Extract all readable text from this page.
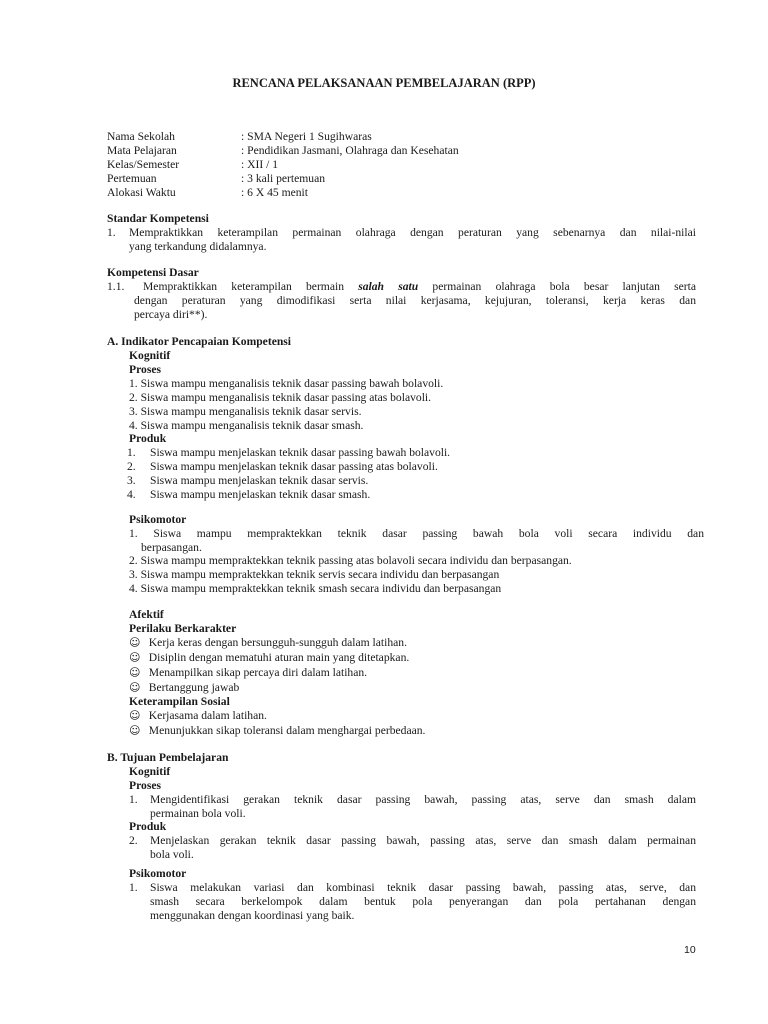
RENCANA PELAKSANAAN PEMBELAJARAN (RPP)
Nama Sekolah	: SMA Negeri 1 Sugihwaras
Mata Pelajaran	: Pendidikan Jasmani, Olahraga dan Kesehatan
Kelas/Semester	: XII / 1
Pertemuan	: 3 kali pertemuan
Alokasi Waktu	: 6 X 45 menit
Standar Kompetensi
1. Mempraktikkan keterampilan permainan olahraga dengan peraturan yang sebenarnya dan nilai-nilai
yang terkandung didalamnya.
Kompetensi Dasar
1.1. Mempraktikkan keterampilan bermain salah satu permainan olahraga bola besar lanjutan serta
dengan peraturan yang dimodifikasi serta nilai kerjasama, kejujuran, toleransi, kerja keras dan
percaya diri**).
A. Indikator Pencapaian Kompetensi
Kognitif
Proses
1. Siswa mampu menganalisis teknik dasar passing bawah bolavoli.
2. Siswa mampu menganalisis teknik dasar passing atas bolavoli.
3. Siswa mampu menganalisis teknik dasar servis.
4. Siswa mampu menganalisis teknik dasar smash.
Produk
1. Siswa mampu menjelaskan teknik dasar passing bawah bolavoli.
2. Siswa mampu menjelaskan teknik dasar passing atas bolavoli.
3. Siswa mampu menjelaskan teknik dasar servis.
4. Siswa mampu menjelaskan teknik dasar smash.
Psikomotor
1. Siswa mampu mempraktekkan teknik dasar passing bawah bola voli secara individu dan
berpasangan.
2. Siswa mampu mempraktekkan teknik passing atas bolavoli secara individu dan berpasangan.
3. Siswa mampu mempraktekkan teknik servis secara individu dan berpasangan
4. Siswa mampu mempraktekkan teknik smash secara individu dan berpasangan
Afektif
Perilaku Berkarakter
☺ Kerja keras dengan bersungguh-sungguh dalam latihan.
☺ Disiplin dengan mematuhi aturan main yang ditetapkan.
☺ Menampilkan sikap percaya diri dalam latihan.
☺ Bertanggung jawab
Keterampilan Sosial
☺ Kerjasama dalam latihan.
☺ Menunjukkan sikap toleransi dalam menghargai perbedaan.
B. Tujuan Pembelajaran
Kognitif
Proses
1. Mengidentifikasi gerakan teknik dasar passing bawah, passing atas, serve dan smash dalam
permainan bola voli.
Produk
2. Menjelaskan gerakan teknik dasar passing bawah, passing atas, serve dan smash dalam permainan
bola voli.
Psikomotor
1. Siswa melakukan variasi dan kombinasi teknik dasar passing bawah, passing atas, serve, dan
smash secara berkelompok dalam bentuk pola penyerangan dan pola pertahanan dengan
menggunakan dengan koordinasi yang baik.
10
